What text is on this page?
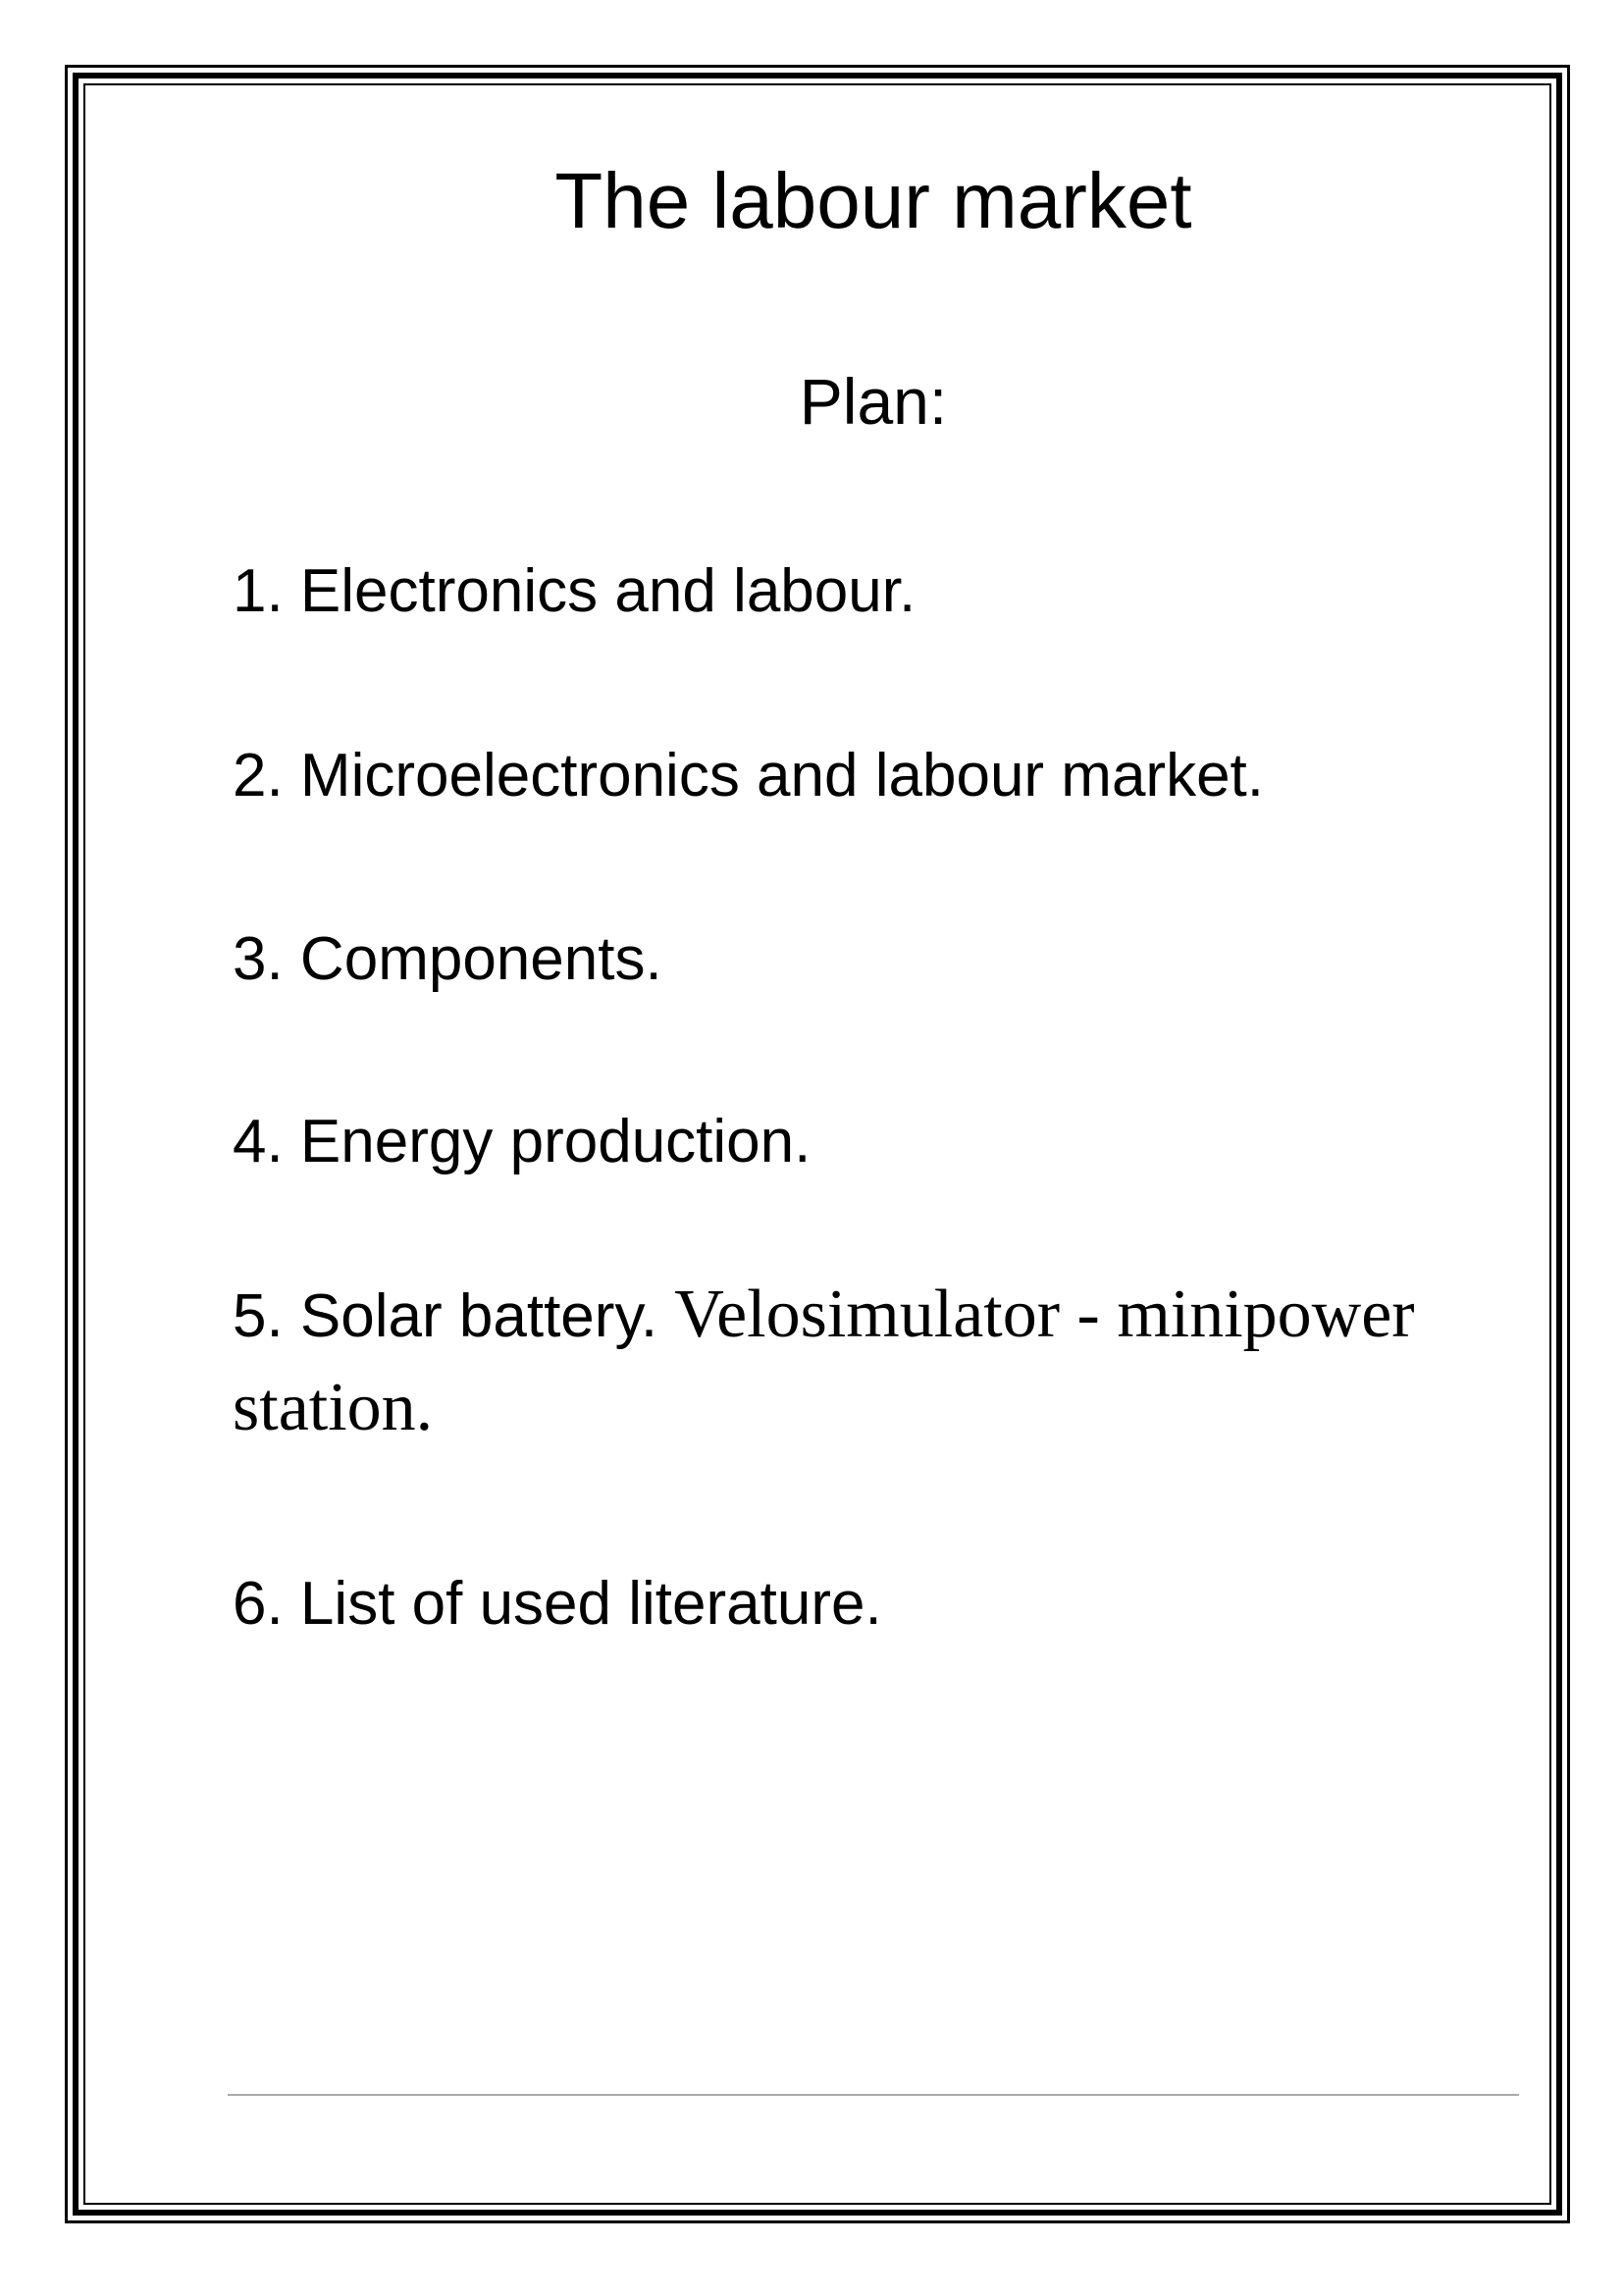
The labour market
Plan:
1. Electronics and labour.
2. Microelectronics and labour market.
3. Components.
4. Energy production.
5. Solar battery. Velosimulator - minipower
station.
6. List of used literature.
